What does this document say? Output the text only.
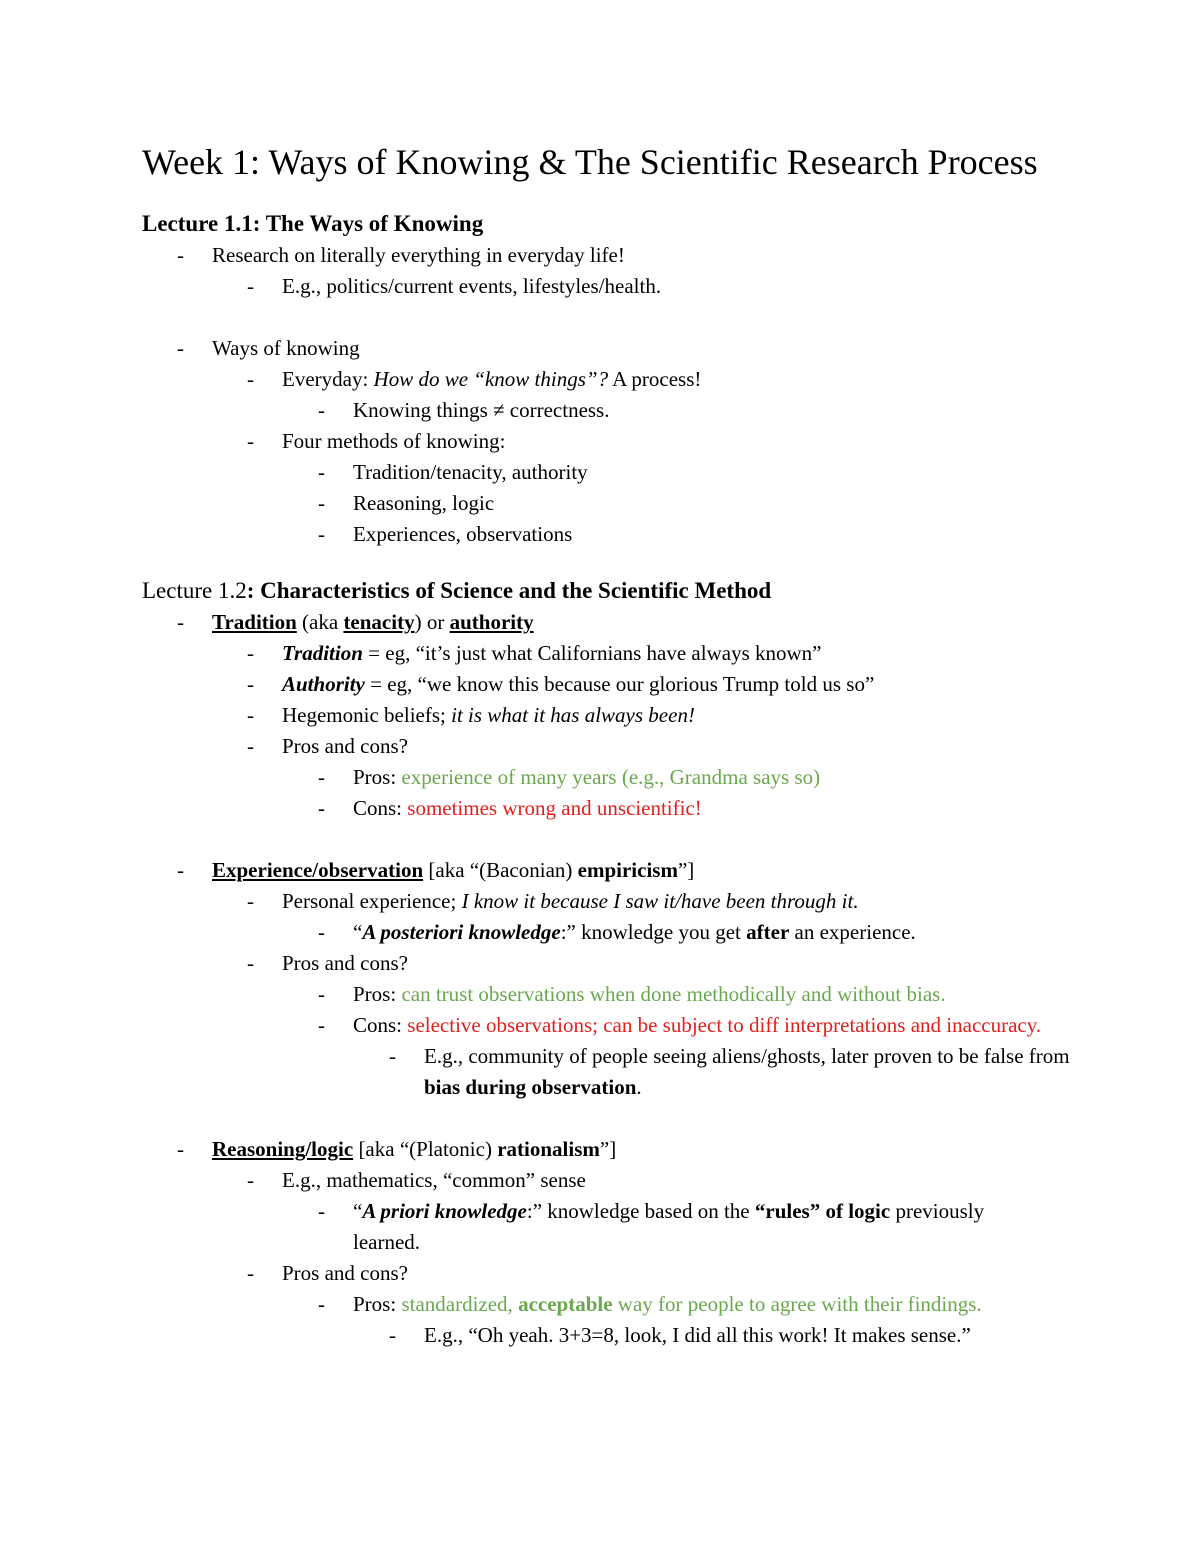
Week 1: Ways of Knowing & The Scientific Research Process
Lecture 1.1: The Ways of Knowing
- Research on literally everything in everyday life!
- E.g., politics/current events, lifestyles/health.
- Ways of knowing
- Everyday: How do we “know things”? A process!
- Knowing things ≠ correctness.
- Four methods of knowing:
- Tradition/tenacity, authority
- Reasoning, logic
- Experiences, observations
Lecture 1.2: Characteristics of Science and the Scientific Method
- Tradition (aka tenacity) or authority
- Tradition = eg, “it’s just what Californians have always known”
- Authority = eg, “we know this because our glorious Trump told us so”
- Hegemonic beliefs; it is what it has always been!
- Pros and cons?
- Pros: experience of many years (e.g., Grandma says so)
- Cons: sometimes wrong and unscientific!
- Experience/observation [aka “(Baconian) empiricism”]
- Personal experience; I know it because I saw it/have been through it.
- “A posteriori knowledge:” knowledge you get after an experience.
- Pros and cons?
- Pros: can trust observations when done methodically and without bias.
- Cons: selective observations; can be subject to diff interpretations and inaccuracy.
- E.g., community of people seeing aliens/ghosts, later proven to be false from bias during observation.
- Reasoning/logic [aka “(Platonic) rationalism”]
- E.g., mathematics, “common” sense
- “A priori knowledge:” knowledge based on the “rules” of logic previously learned.
- Pros and cons?
- Pros: standardized, acceptable way for people to agree with their findings.
- E.g., “Oh yeah. 3+3=8, look, I did all this work! It makes sense.”
